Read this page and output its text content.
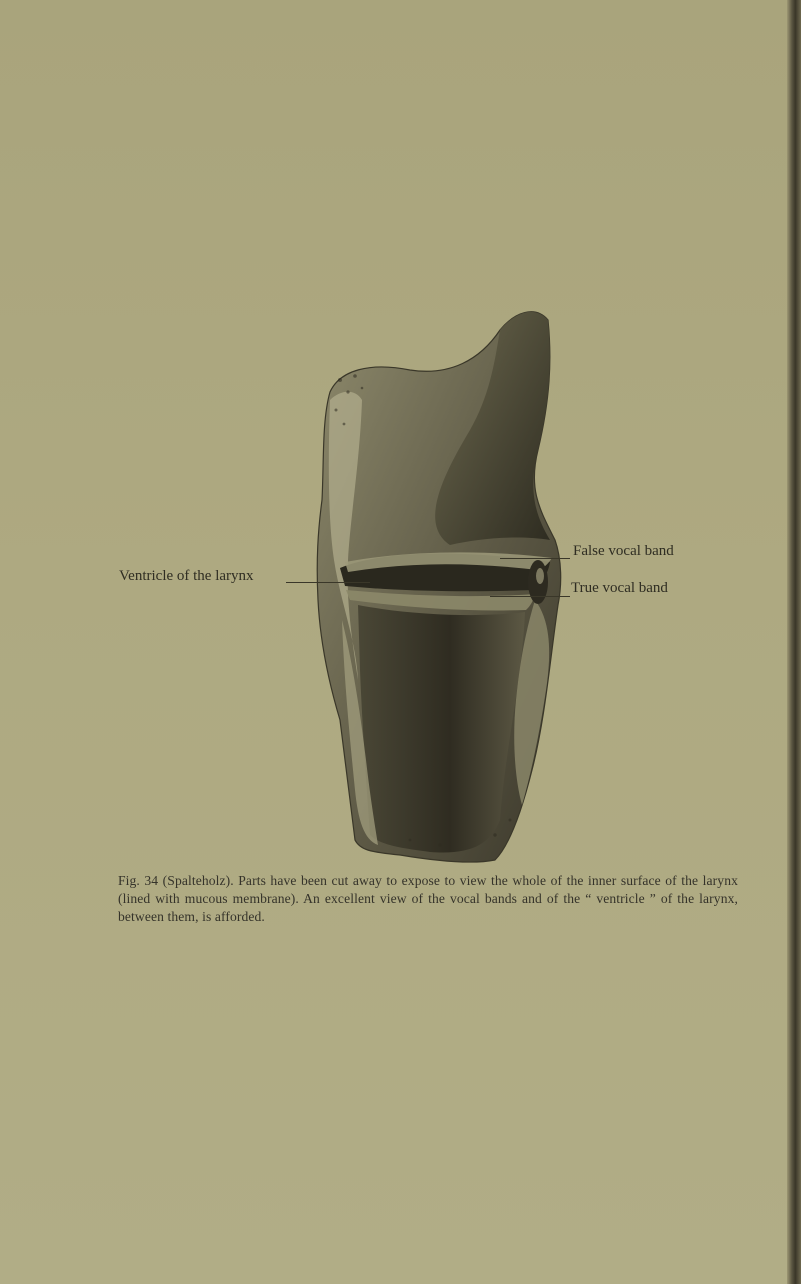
Ventricle of the larynx
False vocal band
True vocal band
Fig. 34 (Spalteholz). Parts have been cut away to expose to view the whole of the inner surface of the larynx (lined with mucous membrane). An excellent view of the vocal bands and of the “ ventricle ” of the larynx, between them, is afforded.
